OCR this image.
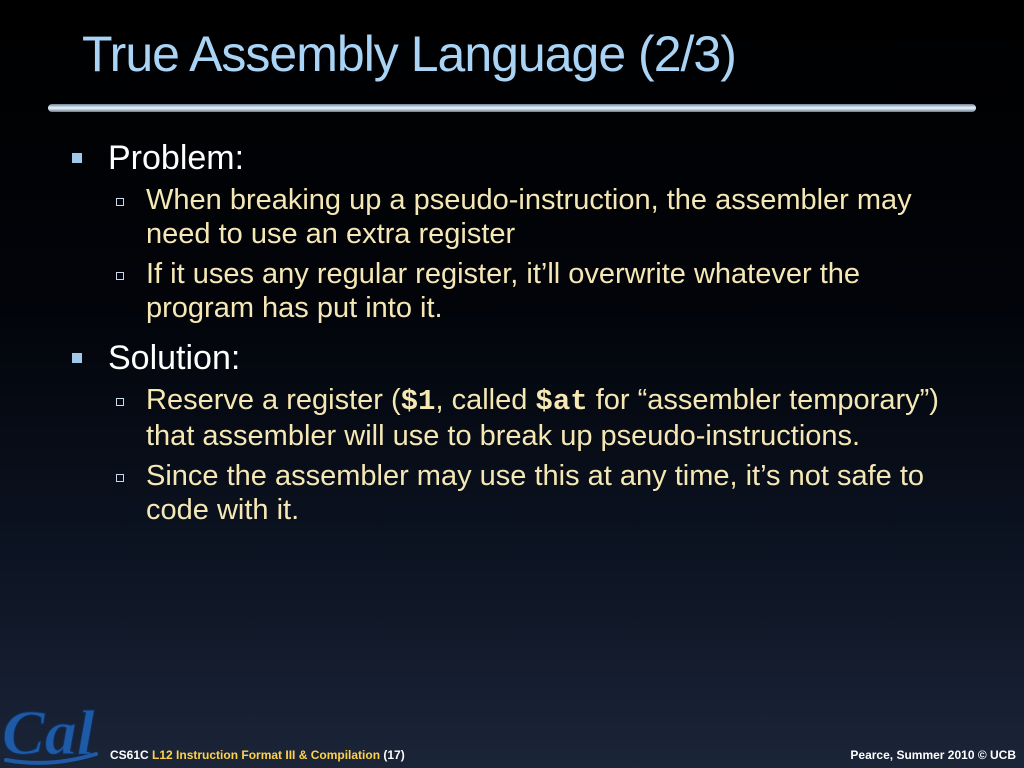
True Assembly Language (2/3)
Problem:
When breaking up a pseudo-instruction, the assembler may need to use an extra register
If it uses any regular register, it’ll overwrite whatever the program has put into it.
Solution:
Reserve a register ($1, called $at for “assembler temporary”) that assembler will use to break up pseudo-instructions.
Since the assembler may use this at any time, it’s not safe to code with it.
Cal CS61C L12 Instruction Format III & Compilation (17)	Pearce, Summer 2010 © UCB
